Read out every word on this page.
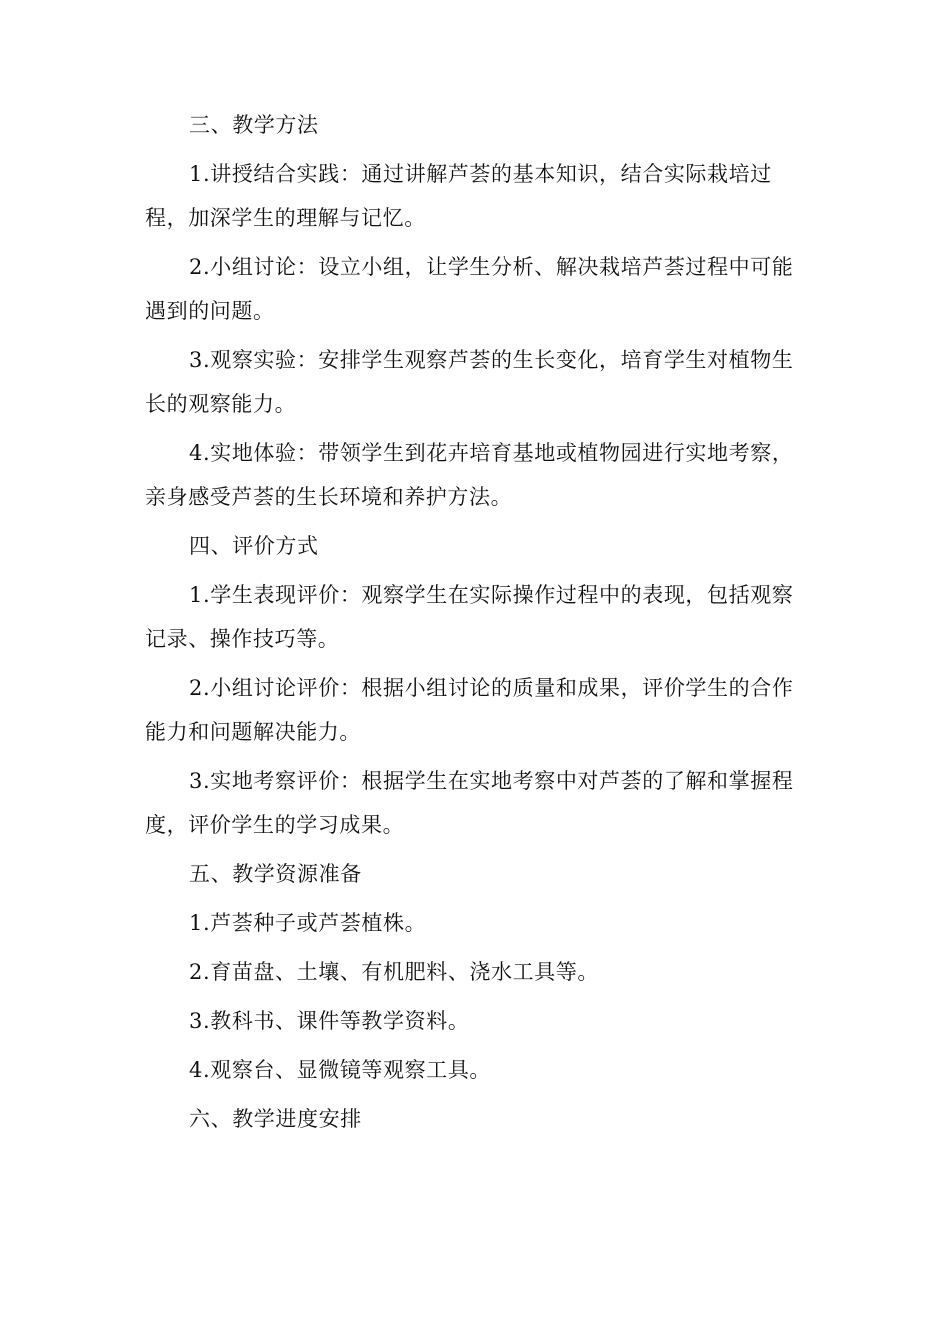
三、教学方法

1.讲授结合实践：通过讲解芦荟的基本知识，结合实际栽培过程，加深学生的理解与记忆。

2.小组讨论：设立小组，让学生分析、解决栽培芦荟过程中可能遇到的问题。

3.观察实验：安排学生观察芦荟的生长变化，培育学生对植物生长的观察能力。

4.实地体验：带领学生到花卉培育基地或植物园进行实地考察，亲身感受芦荟的生长环境和养护方法。

四、评价方式

1.学生表现评价：观察学生在实际操作过程中的表现，包括观察记录、操作技巧等。

2.小组讨论评价：根据小组讨论的质量和成果，评价学生的合作能力和问题解决能力。

3.实地考察评价：根据学生在实地考察中对芦荟的了解和掌握程度，评价学生的学习成果。

五、教学资源准备

1.芦荟种子或芦荟植株。

2.育苗盘、土壤、有机肥料、浇水工具等。

3.教科书、课件等教学资料。

4.观察台、显微镜等观察工具。

六、教学进度安排
